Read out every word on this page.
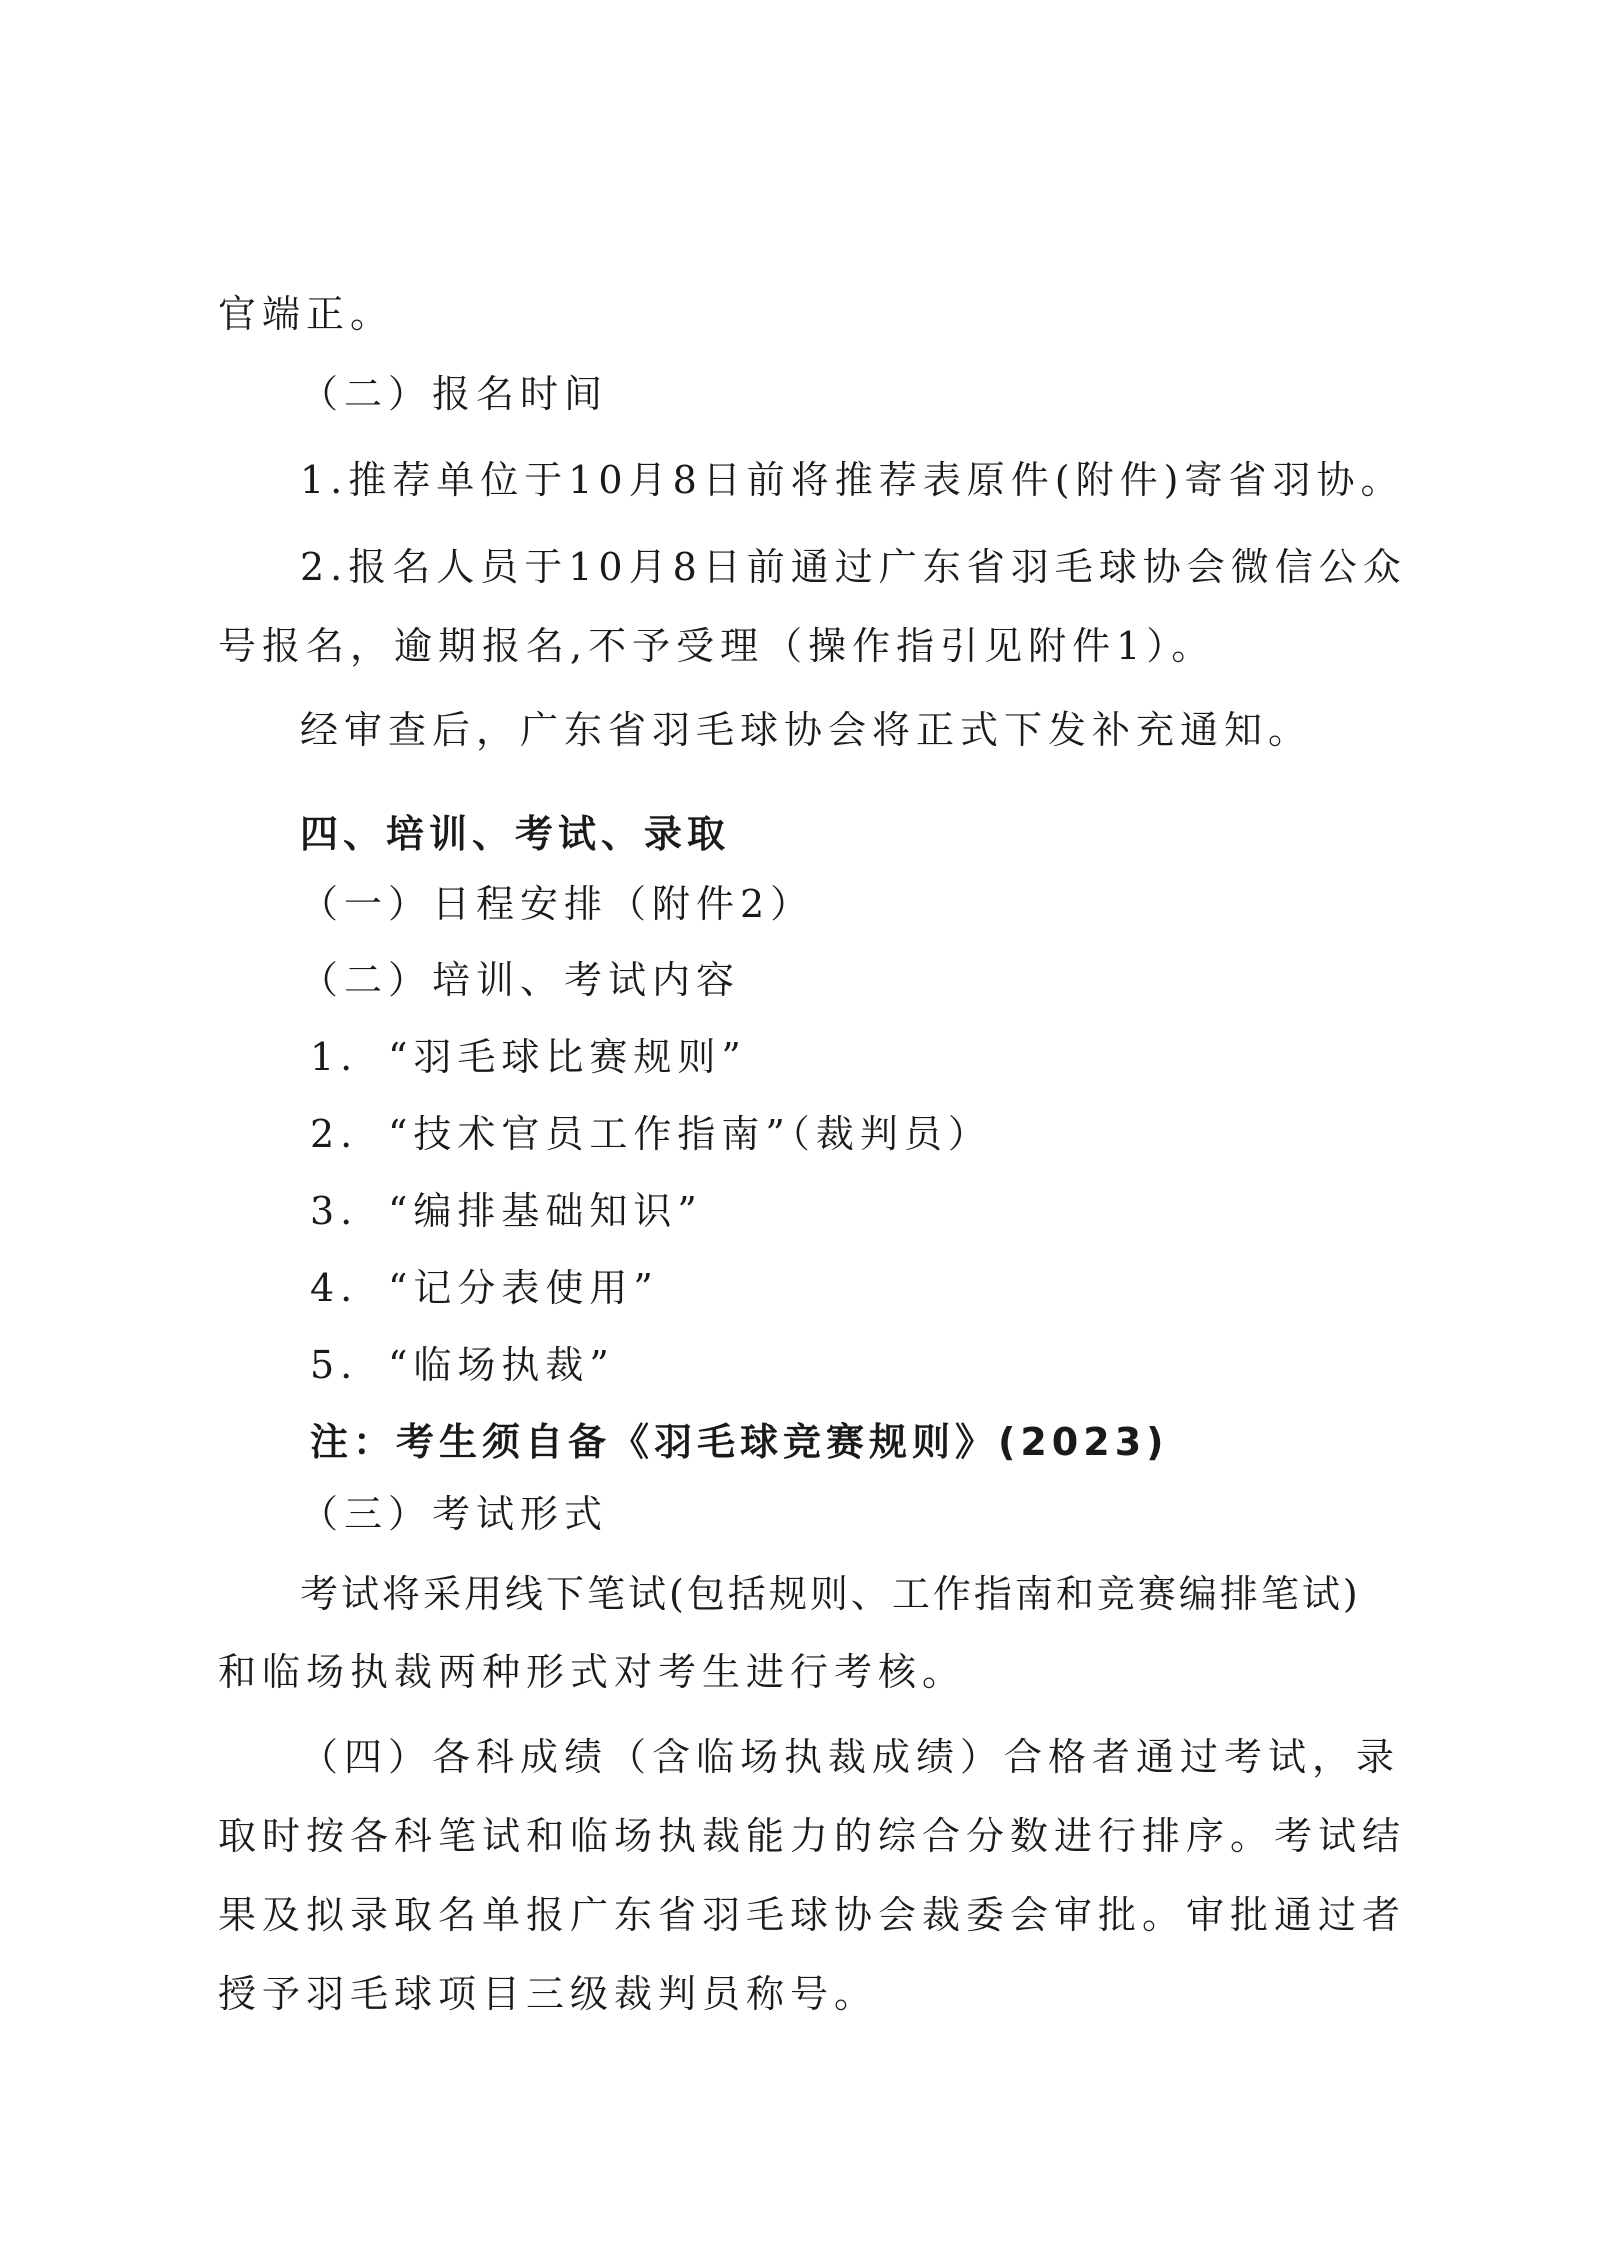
官端正。
（二）报名时间
1.推荐单位于10月8日前将推荐表原件(附件)寄省羽协。
2.报名人员于10月8日前通过广东省羽毛球协会微信公众
号报名，逾期报名,不予受理（操作指引见附件1）。
经审查后，广东省羽毛球协会将正式下发补充通知。
四、培训、考试、录取
（一）日程安排（附件2）
（二）培训、考试内容
1. “羽毛球比赛规则”
2. “技术官员工作指南”（裁判员）
3. “编排基础知识”
4. “记分表使用”
5. “临场执裁”
注：考生须自备《羽毛球竞赛规则》(2023)
（三）考试形式
考试将采用线下笔试(包括规则、工作指南和竞赛编排笔试)
和临场执裁两种形式对考生进行考核。
（四）各科成绩（含临场执裁成绩）合格者通过考试，录
取时按各科笔试和临场执裁能力的综合分数进行排序。考试结
果及拟录取名单报广东省羽毛球协会裁委会审批。审批通过者
授予羽毛球项目三级裁判员称号。
